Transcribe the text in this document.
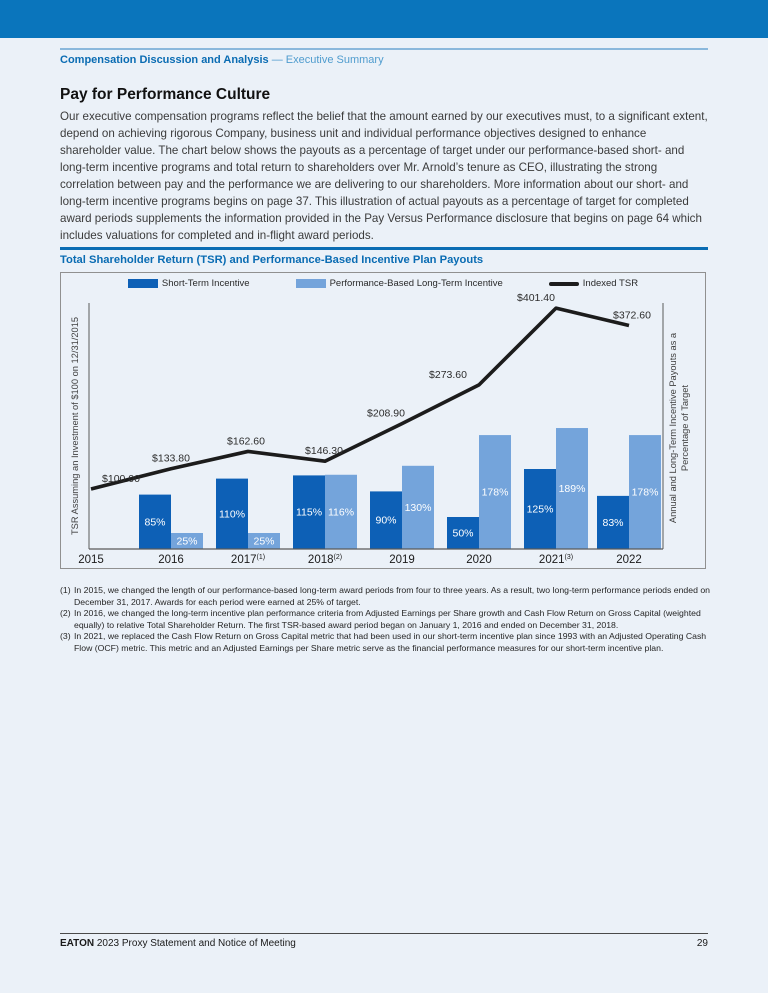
Compensation Discussion and Analysis — Executive Summary
Pay for Performance Culture

Our executive compensation programs reflect the belief that the amount earned by our executives must, to a significant extent, depend on achieving rigorous Company, business unit and individual performance objectives designed to enhance shareholder value. The chart below shows the payouts as a percentage of target under our performance-based short- and long-term incentive programs and total return to shareholders over Mr. Arnold’s tenure as CEO, illustrating the strong correlation between pay and the performance we are delivering to our shareholders. More information about our short- and long-term incentive programs begins on page 37. This illustration of actual payouts as a percentage of target for completed award periods supplements the information provided in the Pay Versus Performance disclosure that begins on page 64 which includes valuations for completed and in-flight award periods.

Total Shareholder Return (TSR) and Performance-Based Incentive Plan Payouts
85%
110%	115%
90%
50%
125%
83%
25%	25%
116%	130%
178%	189%	178%
$100.00
$133.80
$162.60
$146.30
$208.90
$273.60
$401.40
$372.60
2015	2016	2017$^{(1)}$	2018$^{(2)}$	2019	2020	2021$^{(3)}$	2022
TSR Assuming an Investment of $100 on 12/31/2015	Annual and Long-Term Incentive Payouts as a Percentage of Target
Short-Term Incentive	Performance-Based Long-Term Incentive	Indexed TSR
(1) In 2015, we changed the length of our performance-based long-term award periods from four to three years. As a result, two long-term performance periods ended on December 31, 2017. Awards for each period were earned at 25% of target.
(2) In 2016, we changed the long-term incentive plan performance criteria from Adjusted Earnings per Share growth and Cash Flow Return on Gross Capital (weighted equally) to relative Total Shareholder Return. The first TSR-based award period began on January 1, 2016 and ended on December 31, 2018.
(3) In 2021, we replaced the Cash Flow Return on Gross Capital metric that had been used in our short-term incentive plan since 1993 with an Adjusted Operating Cash Flow (OCF) metric. This metric and an Adjusted Earnings per Share metric serve as the financial performance measures for our short-term incentive plan.
EATON 2023 Proxy Statement and Notice of Meeting	29
